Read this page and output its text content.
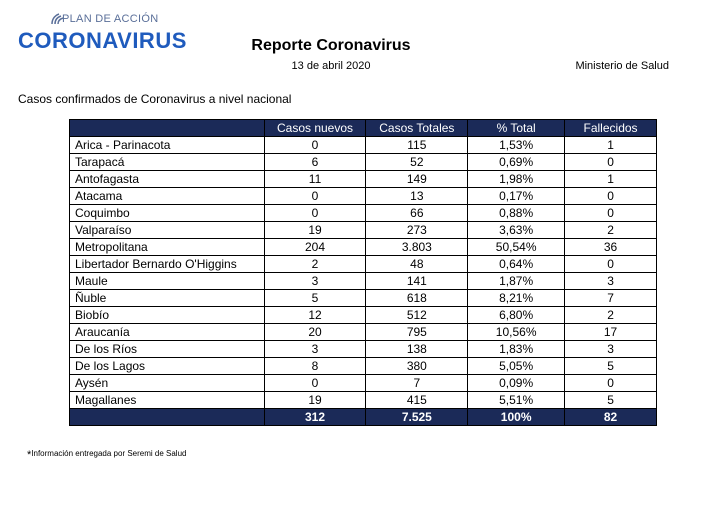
PLAN DE ACCIÓN
CORONAVIRUS	Reporte Coronavirus
13 de abril 2020	Ministerio de Salud
Casos confirmados de Coronavirus a nivel nacional
	Casos nuevos	Casos Totales	% Total	Fallecidos
Arica - Parinacota	0	115	1,53%	1
Tarapacá	6	52	0,69%	0
Antofagasta	11	149	1,98%	1
Atacama	0	13	0,17%	0
Coquimbo	0	66	0,88%	0
Valparaíso	19	273	3,63%	2
Metropolitana	204	3.803	50,54%	36
Libertador Bernardo O'Higgins	2	48	0,64%	0
Maule	3	141	1,87%	3
Ñuble	5	618	8,21%	7
Biobío	12	512	6,80%	2
Araucanía	20	795	10,56%	17
De los Ríos	3	138	1,83%	3
De los Lagos	8	380	5,05%	5
Aysén	0	7	0,09%	0
Magallanes	19	415	5,51%	5
	312	7.525	100%	82
*Información entregada por Seremi de Salud
